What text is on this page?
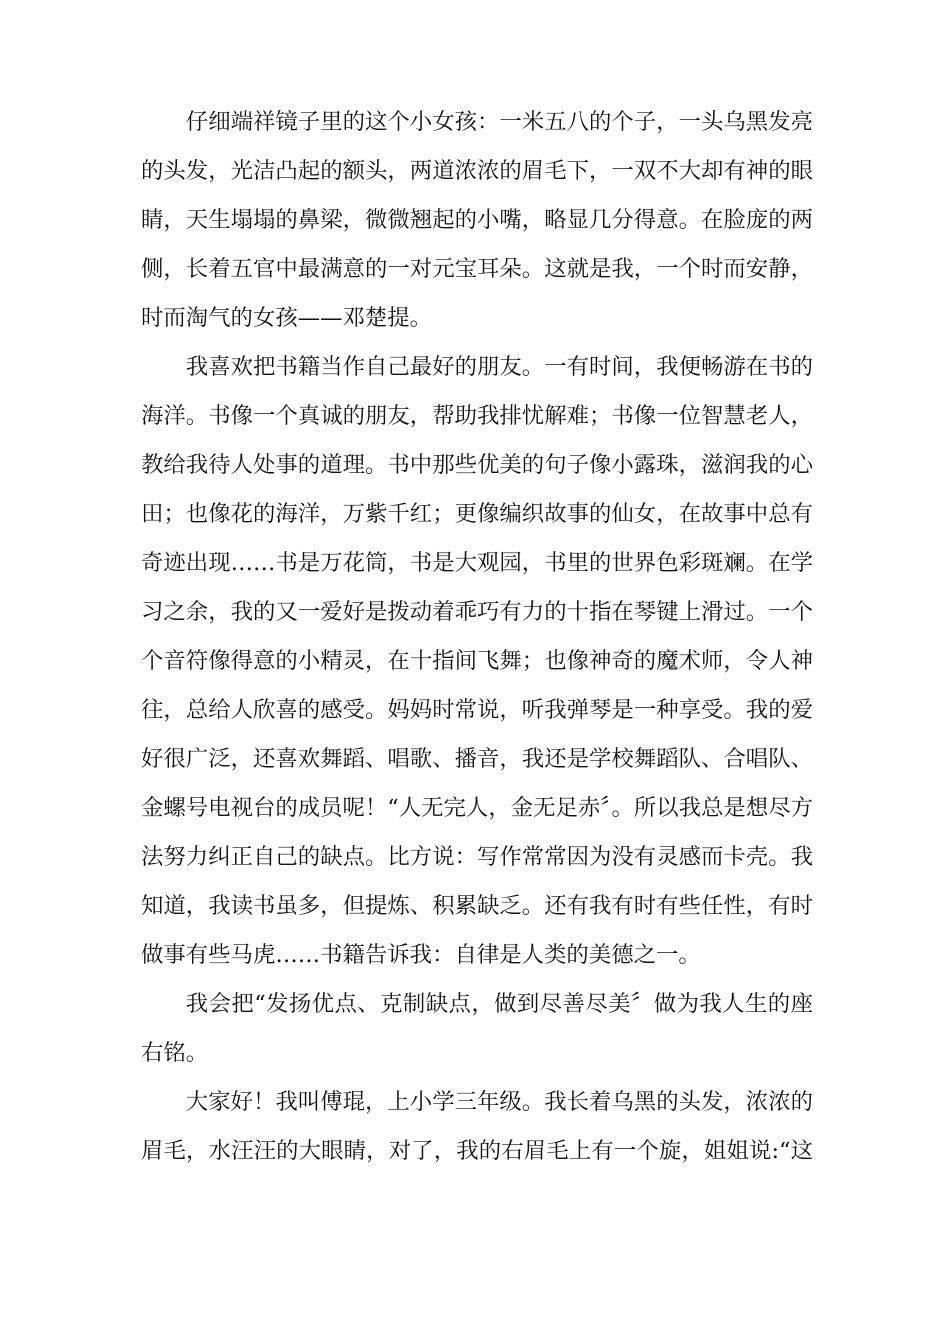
仔细端祥镜子里的这个小女孩：一米五八的个子，一头乌黑发亮
的头发，光洁凸起的额头，两道浓浓的眉毛下，一双不大却有神的眼
睛，天生塌塌的鼻梁，微微翘起的小嘴，略显几分得意。在脸庞的两
侧，长着五官中最满意的一对元宝耳朵。这就是我，一个时而安静，
时而淘气的女孩——邓楚提。
我喜欢把书籍当作自己最好的朋友。一有时间，我便畅游在书的
海洋。书像一个真诚的朋友，帮助我排忧解难；书像一位智慧老人，
教给我待人处事的道理。书中那些优美的句子像小露珠，滋润我的心
田；也像花的海洋，万紫千红；更像编织故事的仙女，在故事中总有
奇迹出现……书是万花筒，书是大观园，书里的世界色彩斑斓。在学
习之余，我的又一爱好是拨动着乖巧有力的十指在琴键上滑过。一个
个音符像得意的小精灵，在十指间飞舞；也像神奇的魔术师，令人神
往，总给人欣喜的感受。妈妈时常说，听我弹琴是一种享受。我的爱
好很广泛，还喜欢舞蹈、唱歌、播音，我还是学校舞蹈队、合唱队、
金螺号电视台的成员呢！“人无完人，金无足赤〞。所以我总是想尽方
法努力纠正自己的缺点。比方说：写作常常因为没有灵感而卡壳。我
知道，我读书虽多，但提炼、积累缺乏。还有我有时有些任性，有时
做事有些马虎……书籍告诉我：自律是人类的美德之一。
我会把“发扬优点、克制缺点，做到尽善尽美〞做为我人生的座
右铭。
大家好！我叫傅琨，上小学三年级。我长着乌黑的头发，浓浓的
眉毛，水汪汪的大眼睛，对了，我的右眉毛上有一个旋，姐姐说:“这
